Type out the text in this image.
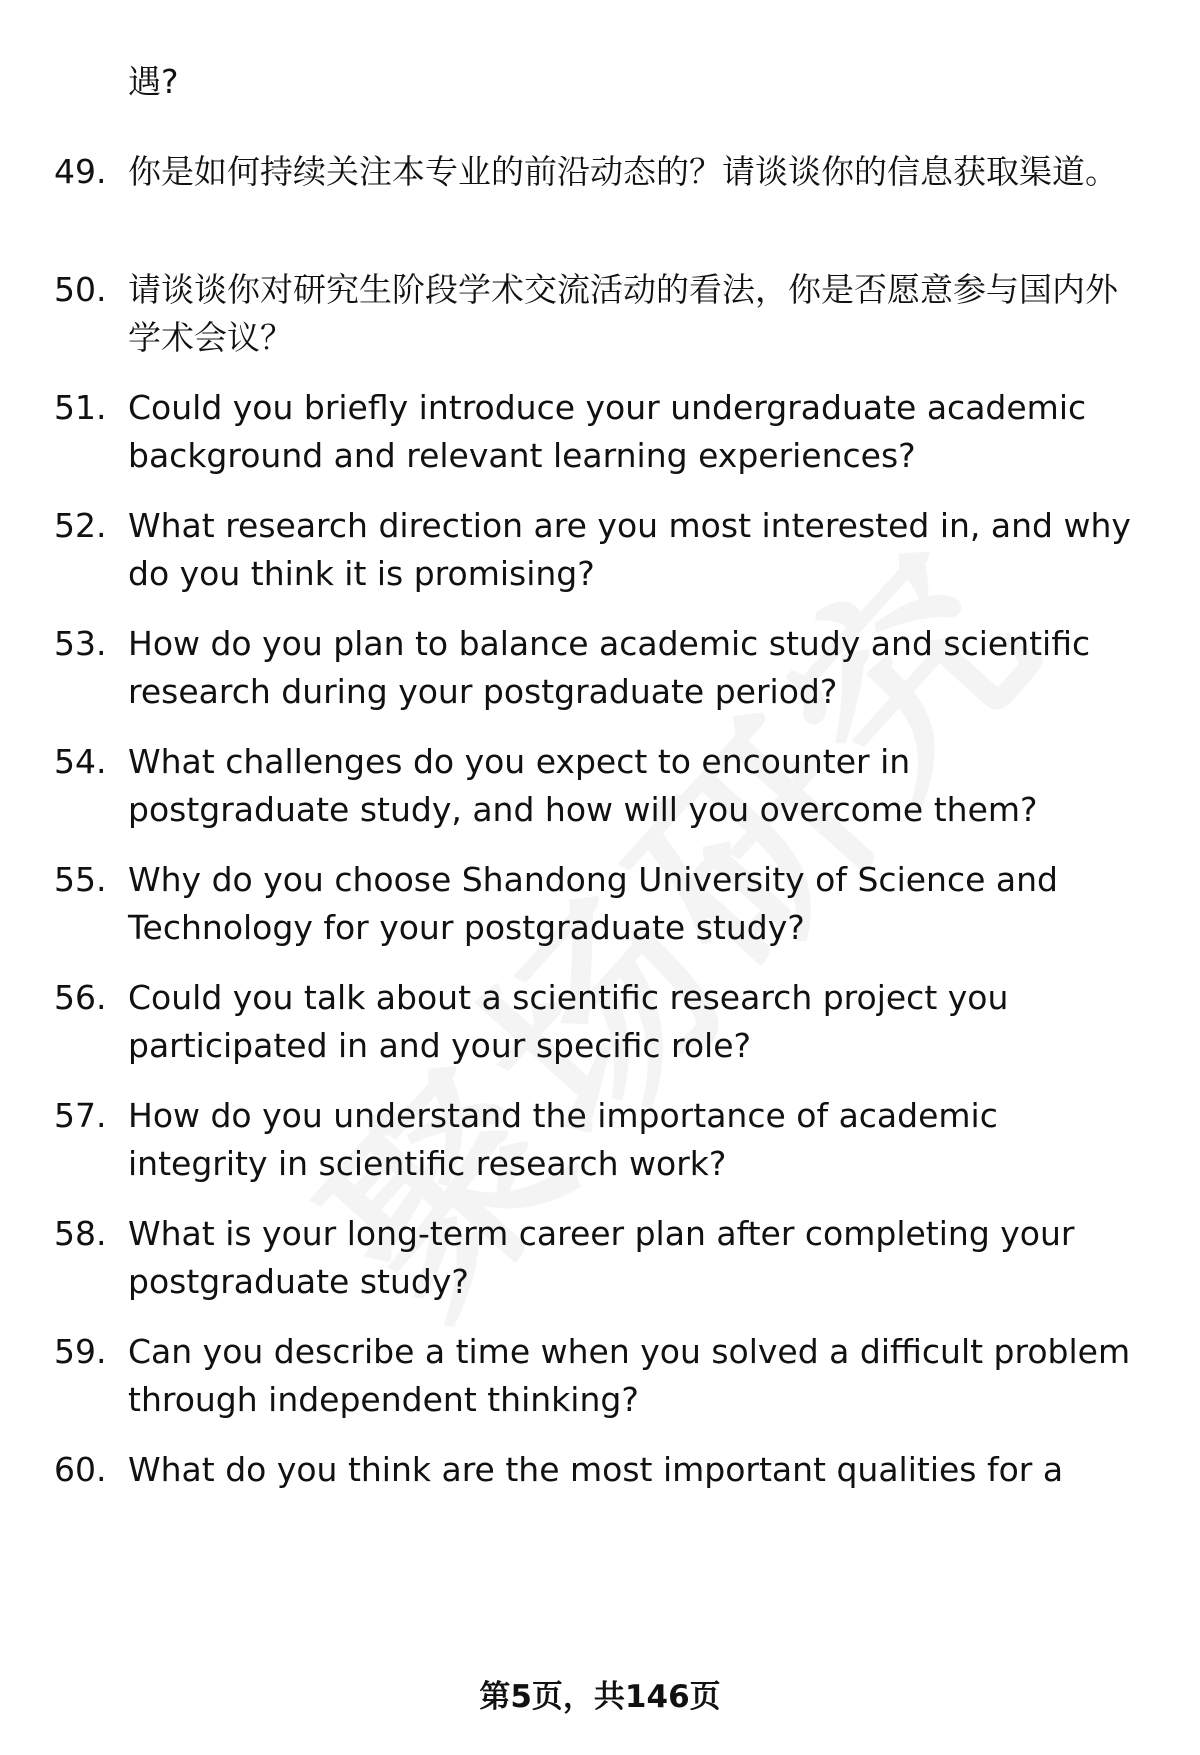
遇?
49. 你是如何持续关注本专业的前沿动态的？请谈谈你的信息获取渠道。
50. 请谈谈你对研究生阶段学术交流活动的看法，你是否愿意参与国内外学术会议？
51. Could you briefly introduce your undergraduate academic background and relevant learning experiences?
52. What research direction are you most interested in, and why do you think it is promising?
53. How do you plan to balance academic study and scientific research during your postgraduate period?
54. What challenges do you expect to encounter in postgraduate study, and how will you overcome them?
55. Why do you choose Shandong University of Science and Technology for your postgraduate study?
56. Could you talk about a scientific research project you participated in and your specific role?
57. How do you understand the importance of academic integrity in scientific research work?
58. What is your long-term career plan after completing your postgraduate study?
59. Can you describe a time when you solved a difficult problem through independent thinking?
60. What do you think are the most important qualities for a
第5页，共146页
